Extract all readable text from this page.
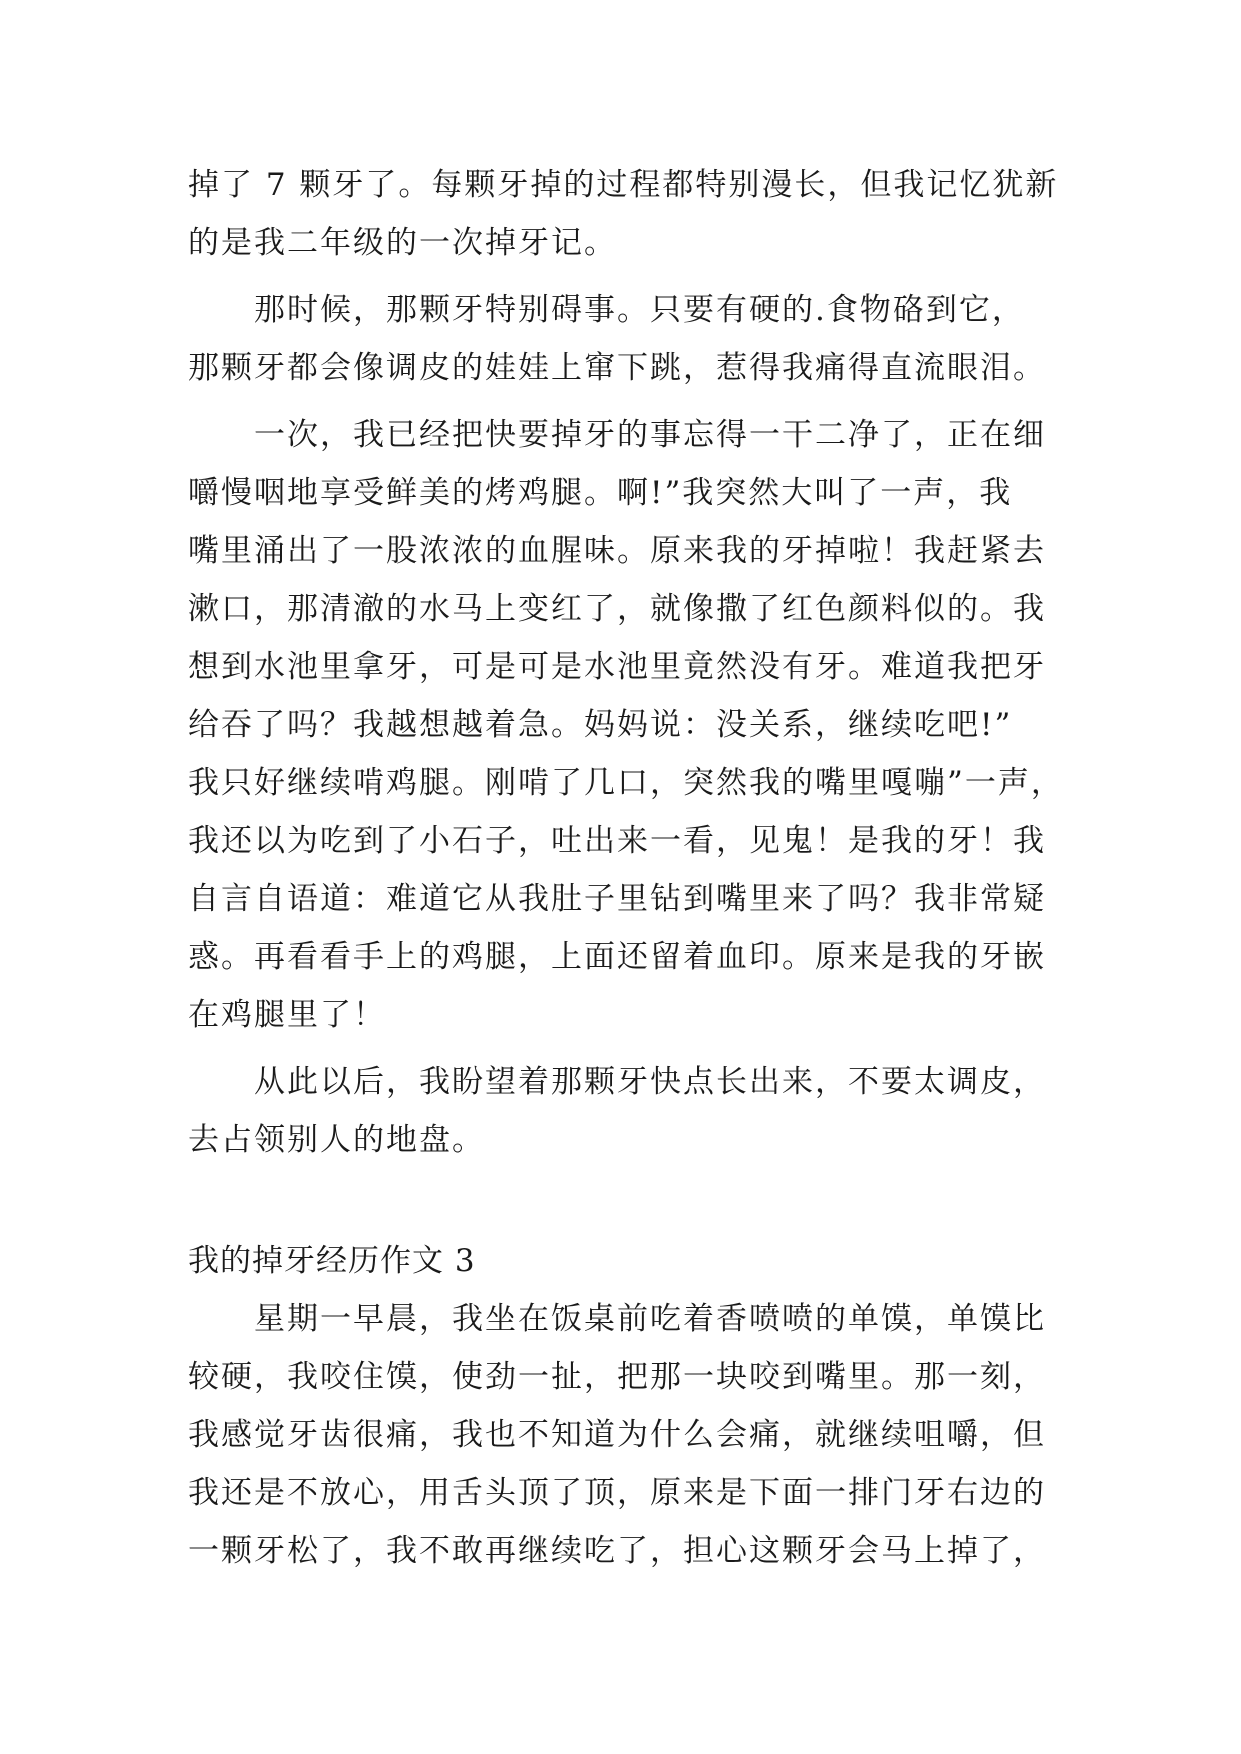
掉了 7 颗牙了。每颗牙掉的过程都特别漫长，但我记忆犹新
的是我二年级的一次掉牙记。
那时候，那颗牙特别碍事。只要有硬的.食物硌到它，
那颗牙都会像调皮的娃娃上窜下跳，惹得我痛得直流眼泪。
一次，我已经把快要掉牙的事忘得一干二净了，正在细
嚼慢咽地享受鲜美的烤鸡腿。啊!”我突然大叫了一声，我
嘴里涌出了一股浓浓的血腥味。原来我的牙掉啦！我赶紧去
漱口，那清澈的水马上变红了，就像撒了红色颜料似的。我
想到水池里拿牙，可是可是水池里竟然没有牙。难道我把牙
给吞了吗？我越想越着急。妈妈说：没关系，继续吃吧!”
我只好继续啃鸡腿。刚啃了几口，突然我的嘴里嘎嘣”一声，
我还以为吃到了小石子，吐出来一看，见鬼！是我的牙！我
自言自语道：难道它从我肚子里钻到嘴里来了吗？我非常疑
惑。再看看手上的鸡腿，上面还留着血印。原来是我的牙嵌
在鸡腿里了！
从此以后，我盼望着那颗牙快点长出来，不要太调皮，
去占领别人的地盘。
我的掉牙经历作文 3
星期一早晨，我坐在饭桌前吃着香喷喷的单馍，单馍比
较硬，我咬住馍，使劲一扯，把那一块咬到嘴里。那一刻，
我感觉牙齿很痛，我也不知道为什么会痛，就继续咀嚼，但
我还是不放心，用舌头顶了顶，原来是下面一排门牙右边的
一颗牙松了，我不敢再继续吃了，担心这颗牙会马上掉了，
